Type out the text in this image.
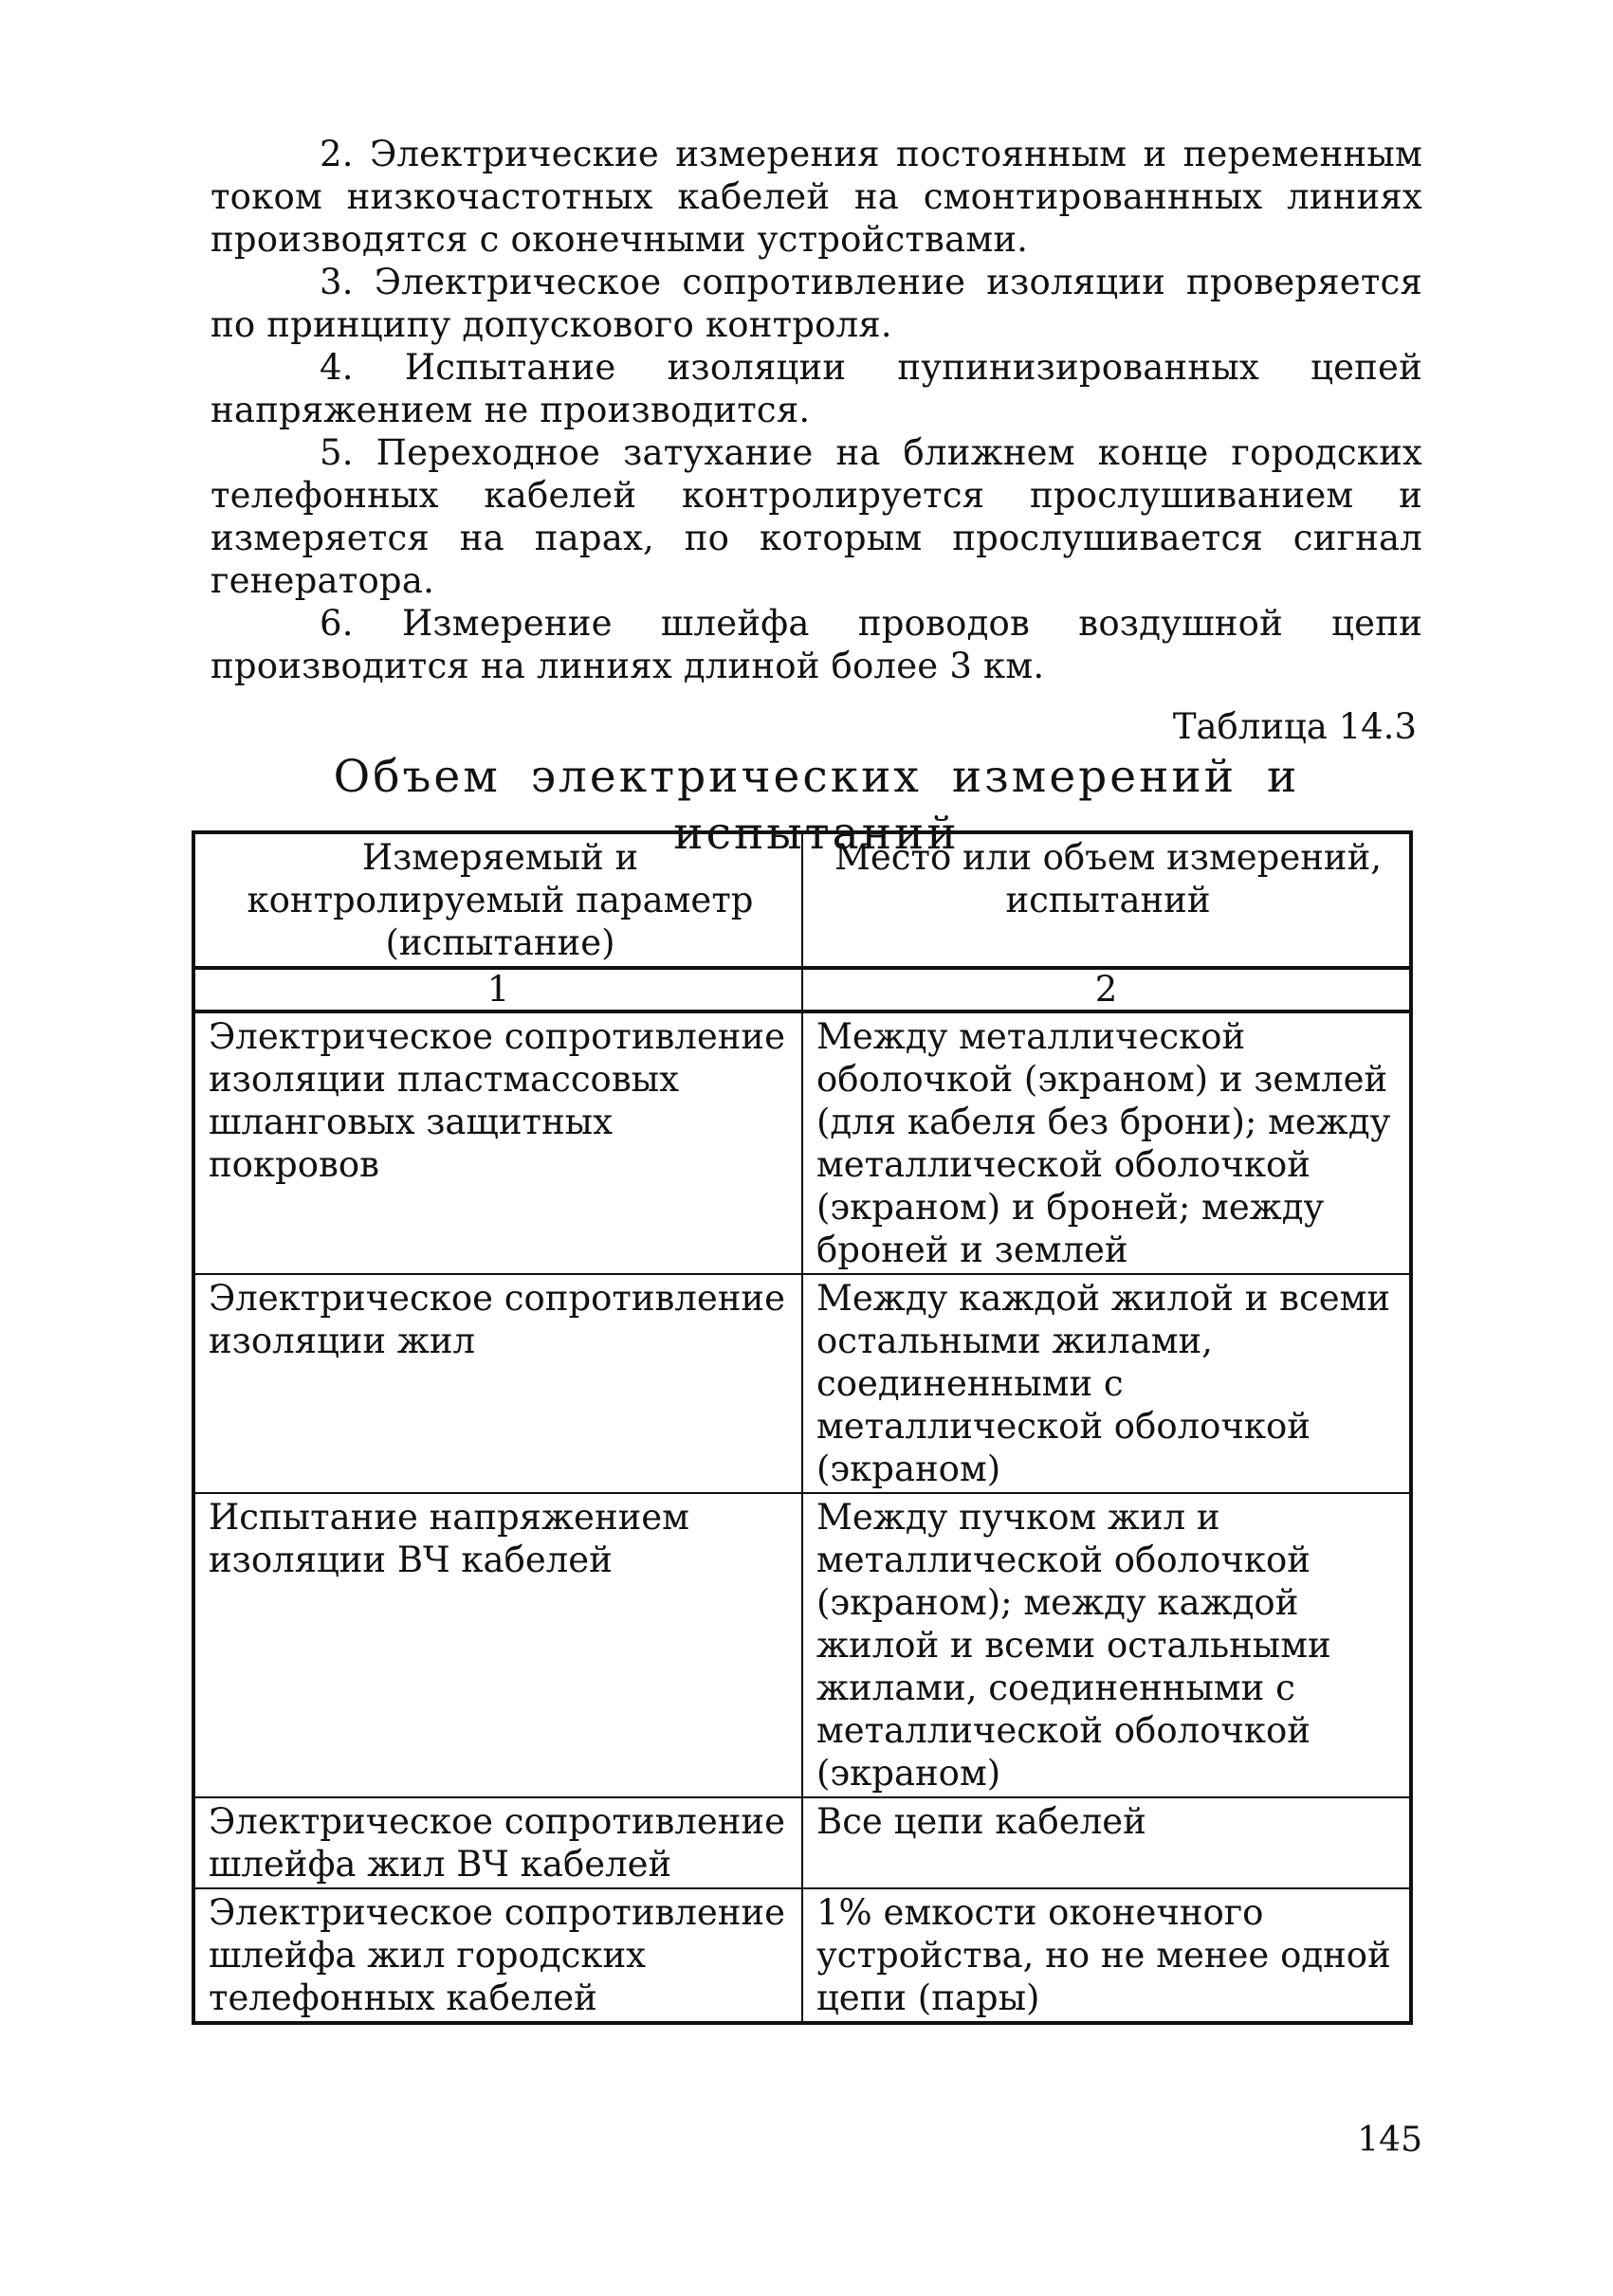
2. Электрические измерения постоянным и переменным током низкочастотных кабелей на смонтированнных линиях производятся с оконечными устройствами.

3. Электрическое сопротивление изоляции проверяется по принципу допускового контроля.

4. Испытание изоляции пупинизированных цепей напряжением не производится.

5. Переходное затухание на ближнем конце городских телефонных кабелей контролируется прослушиванием и измеряется на парах, по которым прослушивается сигнал генератора.

6. Измерение шлейфа проводов воздушной цепи производится на линиях длиной более 3 км.

Таблица 14.3
Объем электрических измерений и испытаний
Измеряемый и контролируемый параметр (испытание)	Место или объем измерений, испытаний
1	2
Электрическое сопротивление изоляции пластмассовых шланговых защитных покровов	Между металлической оболочкой (экраном) и землей (для кабеля без брони); между металлической оболочкой (экраном) и броней; между броней и землей
Электрическое сопротивление изоляции жил	Между каждой жилой и всеми остальными жилами, соединенными с металлической оболочкой (экраном)
Испытание напряжением изоляции ВЧ кабелей	Между пучком жил и металлической оболочкой (экраном); между каждой жилой и всеми остальными жилами, соединенными с металлической оболочкой (экраном)
Электрическое сопротивление шлейфа жил ВЧ кабелей	Все цепи кабелей
Электрическое сопротивление шлейфа жил городских телефонных кабелей	1% емкости оконечного устройства, но не менее одной цепи (пары)
145
